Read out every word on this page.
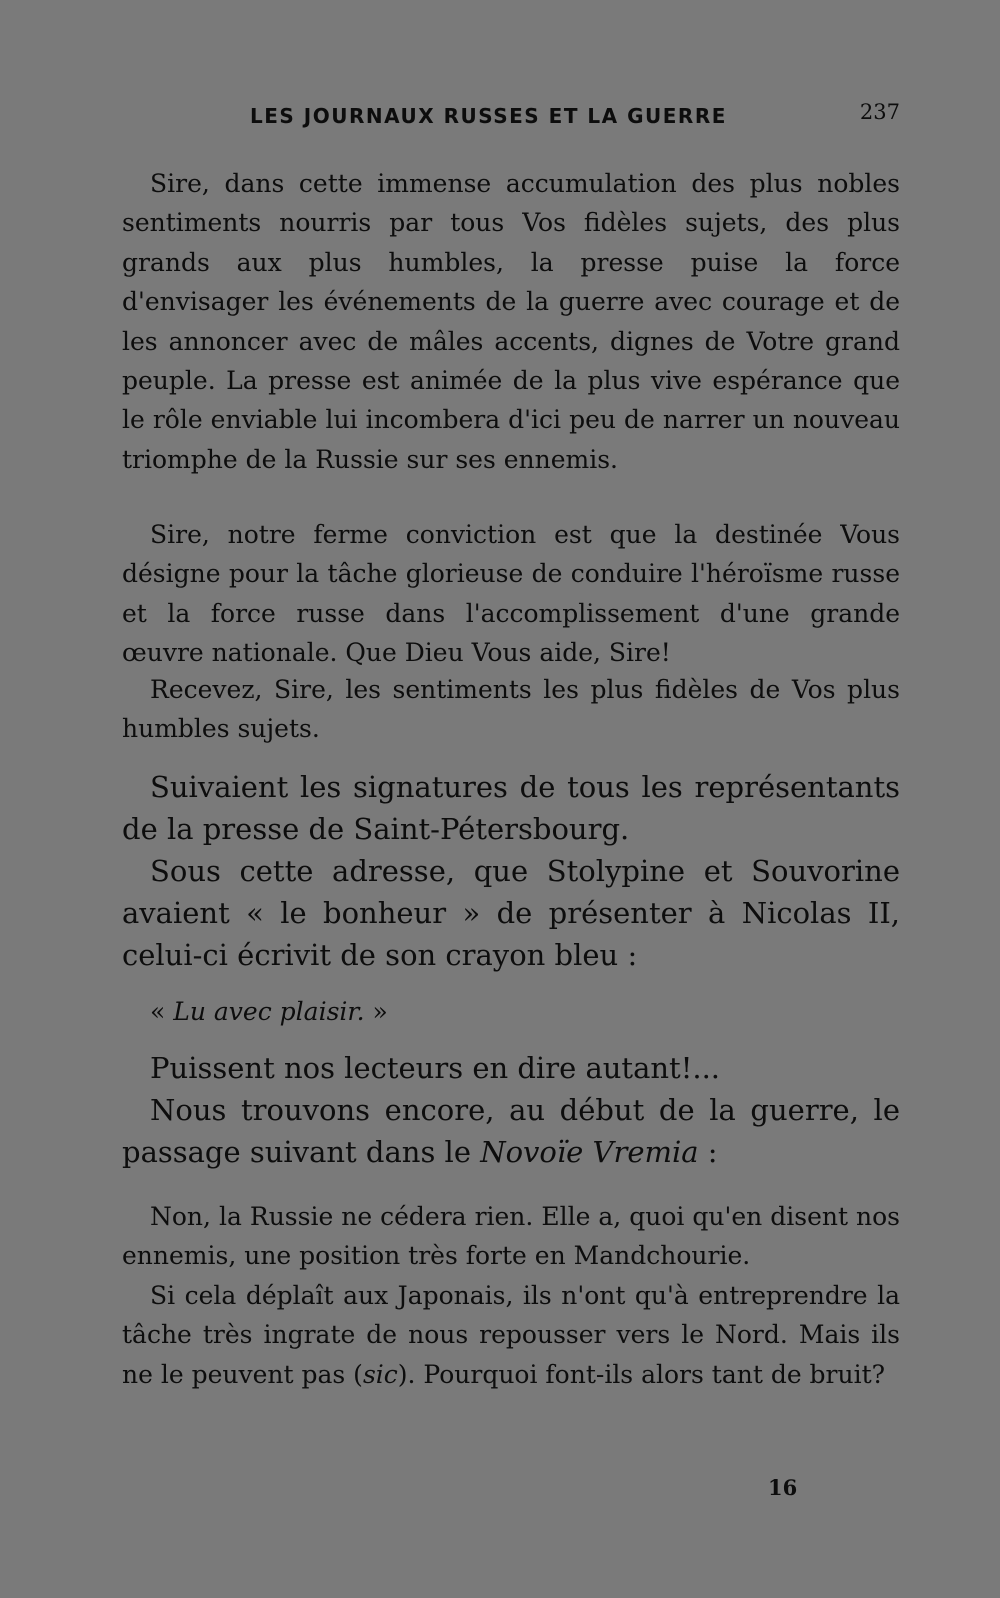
LES JOURNAUX RUSSES ET LA GUERRE	237

Sire, dans cette immense accumulation des plus nobles sentiments nourris par tous Vos fidèles sujets, des plus grands aux plus humbles, la presse puise la force d'envisager les événements de la guerre avec courage et de les annoncer avec de mâles accents, dignes de Votre grand peuple. La presse est animée de la plus vive espérance que le rôle enviable lui incombera d'ici peu de narrer un nouveau triomphe de la Russie sur ses ennemis.

Sire, notre ferme conviction est que la destinée Vous désigne pour la tâche glorieuse de conduire l'héroïsme russe et la force russe dans l'accomplissement d'une grande œuvre nationale. Que Dieu Vous aide, Sire!

Recevez, Sire, les sentiments les plus fidèles de Vos plus humbles sujets.

Suivaient les signatures de tous les représentants de la presse de Saint-Pétersbourg.

Sous cette adresse, que Stolypine et Souvorine avaient « le bonheur » de présenter à Nicolas II, celui-ci écrivit de son crayon bleu :

« Lu avec plaisir. »

Puissent nos lecteurs en dire autant!...

Nous trouvons encore, au début de la guerre, le passage suivant dans le Novoïe Vremia :

Non, la Russie ne cédera rien. Elle a, quoi qu'en disent nos ennemis, une position très forte en Mandchourie.

Si cela déplaît aux Japonais, ils n'ont qu'à entreprendre la tâche très ingrate de nous repousser vers le Nord. Mais ils ne le peuvent pas (sic). Pourquoi font-ils alors tant de bruit?

16
